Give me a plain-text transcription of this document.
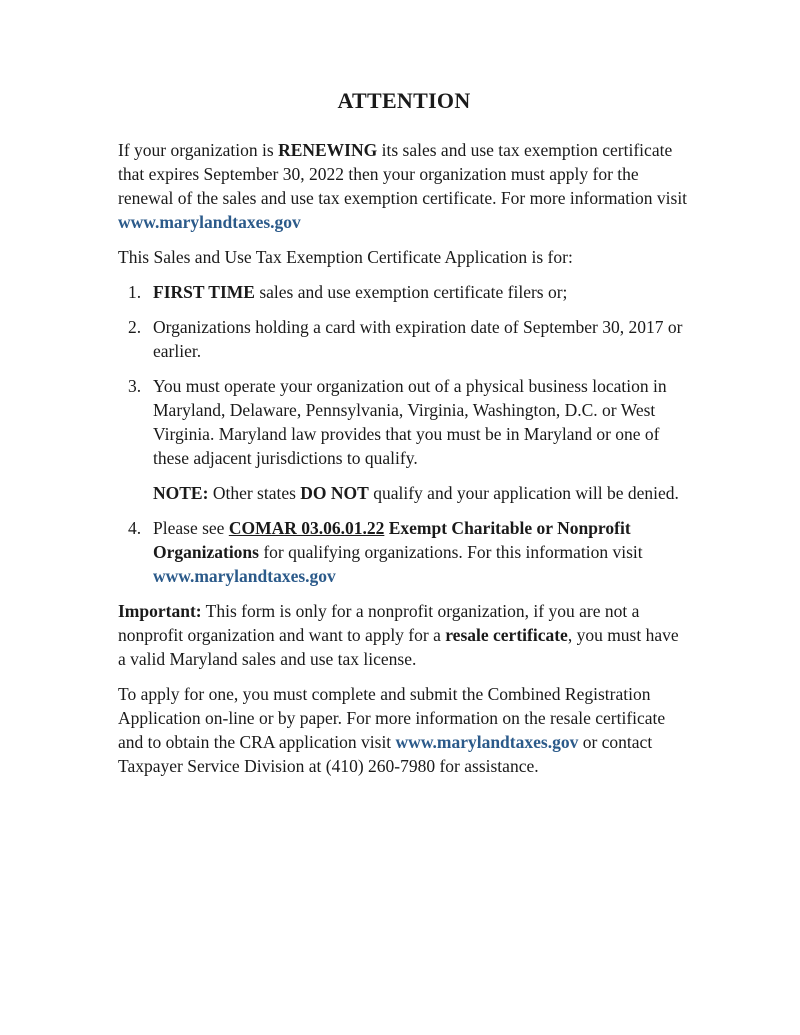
ATTENTION

If your organization is RENEWING its sales and use tax exemption certificate that expires September 30, 2022 then your organization must apply for the renewal of the sales and use tax exemption certificate. For more information visit www.marylandtaxes.gov

This Sales and Use Tax Exemption Certificate Application is for:

1. FIRST TIME sales and use exemption certificate filers or;
2. Organizations holding a card with expiration date of September 30, 2017 or earlier.
3. You must operate your organization out of a physical business location in Maryland, Delaware, Pennsylvania, Virginia, Washington, D.C. or West Virginia. Maryland law provides that you must be in Maryland or one of these adjacent jurisdictions to qualify.

NOTE: Other states DO NOT qualify and your application will be denied.

4. Please see COMAR 03.06.01.22 Exempt Charitable or Nonprofit Organizations for qualifying organizations. For this information visit www.marylandtaxes.gov

Important: This form is only for a nonprofit organization, if you are not a nonprofit organization and want to apply for a resale certificate, you must have a valid Maryland sales and use tax license.

To apply for one, you must complete and submit the Combined Registration Application on-line or by paper. For more information on the resale certificate and to obtain the CRA application visit www.marylandtaxes.gov or contact Taxpayer Service Division at (410) 260-7980 for assistance.
